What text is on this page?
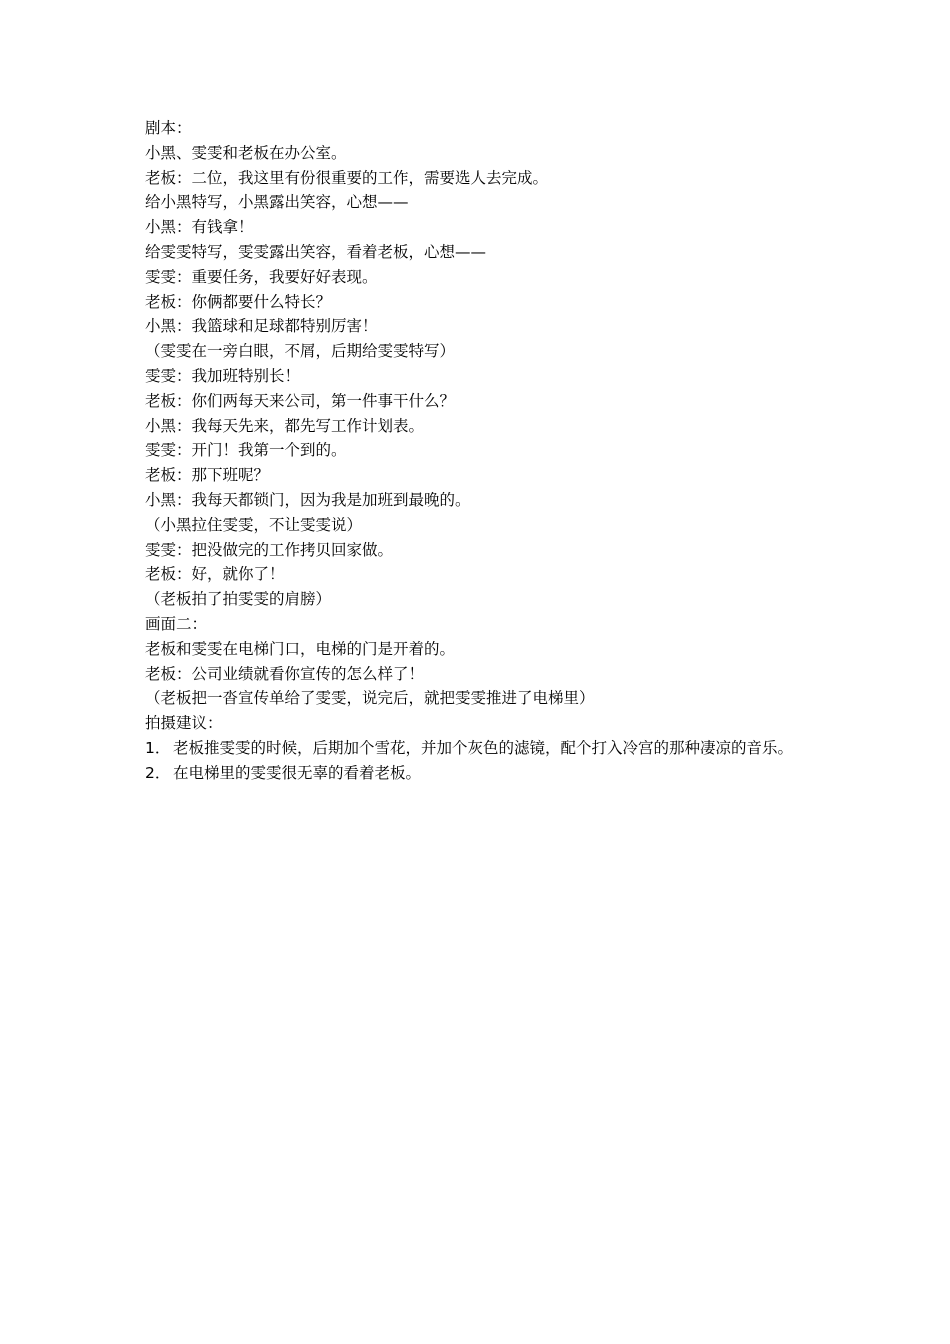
剧本：
小黑、雯雯和老板在办公室。
老板：二位，我这里有份很重要的工作，需要选人去完成。
给小黑特写，小黑露出笑容，心想——
小黑：有钱拿！
给雯雯特写，雯雯露出笑容，看着老板，心想——
雯雯：重要任务，我要好好表现。
老板：你俩都要什么特长？
小黑：我篮球和足球都特别厉害！
（雯雯在一旁白眼，不屑，后期给雯雯特写）
雯雯：我加班特别长！
老板：你们两每天来公司，第一件事干什么？
小黑：我每天先来，都先写工作计划表。
雯雯：开门！我第一个到的。
老板：那下班呢？
小黑：我每天都锁门，因为我是加班到最晚的。
（小黑拉住雯雯，不让雯雯说）
雯雯：把没做完的工作拷贝回家做。
老板：好，就你了！
（老板拍了拍雯雯的肩膀）
画面二：
老板和雯雯在电梯门口，电梯的门是开着的。
老板：公司业绩就看你宣传的怎么样了！
（老板把一沓宣传单给了雯雯，说完后，就把雯雯推进了电梯里）
拍摄建议：
1． 老板推雯雯的时候，后期加个雪花，并加个灰色的滤镜，配个打入冷宫的那种凄凉的音乐。
2． 在电梯里的雯雯很无辜的看着老板。
